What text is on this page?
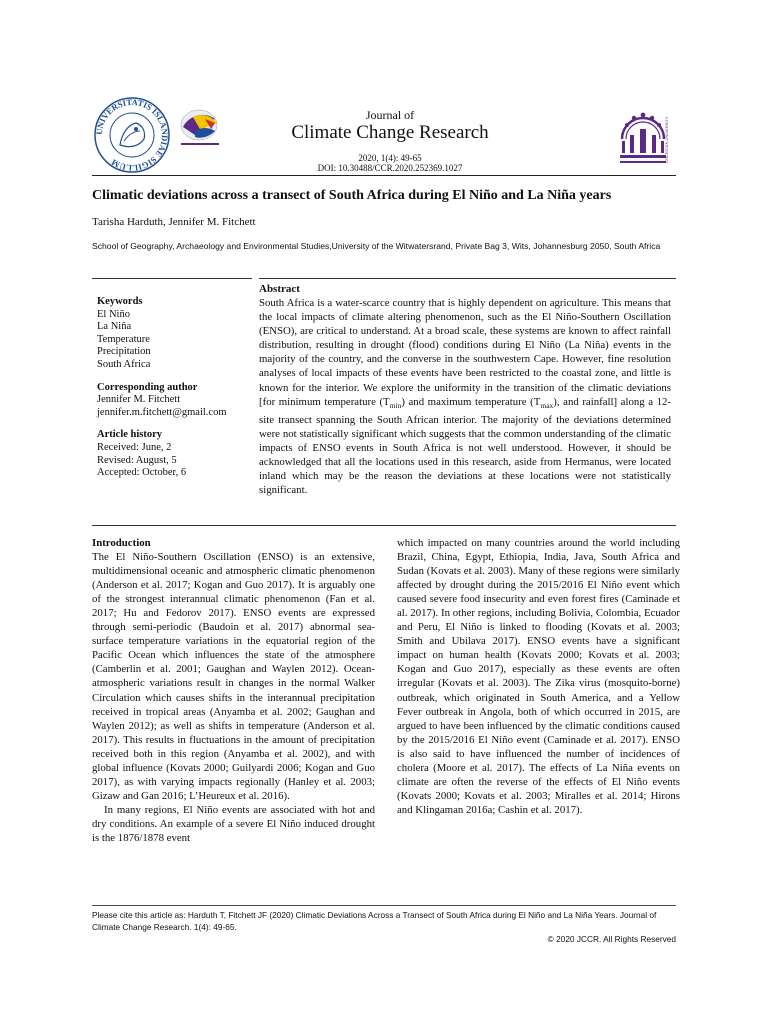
UNIVERSITATIS ISLANDIAE SIGILLUM
GOLESTAN UNIVERSITY
Journal of
Climate Change Research
2020, 1(4): 49-65
DOI: 10.30488/CCR.2020.252369.1027
Climatic deviations across a transect of South Africa during El Niño and La Niña years
Tarisha Harduth, Jennifer M. Fitchett
School of Geography, Archaeology and Environmental Studies,University of the Witwatersrand, Private Bag 3, Wits, Johannesburg 2050, South Africa
Keywords
El Niño
La Niña
Temperature
Precipitation
South Africa
Corresponding author
Jennifer M. Fitchett
jennifer.m.fitchett@gmail.com
Article history
Received: June, 2
Revised: August, 5
Accepted: October, 6
Abstract
South Africa is a water-scarce country that is highly dependent on agriculture. This means that the local impacts of climate altering phenomenon, such as the El Niño-Southern Oscillation (ENSO), are critical to understand. At a broad scale, these systems are known to affect rainfall distribution, resulting in drought (flood) conditions during El Niño (La Niña) events in the majority of the country, and the converse in the southwestern Cape. However, fine resolution analyses of local impacts of these events have been restricted to the coastal zone, and little is known for the interior. We explore the uniformity in the transition of the climatic deviations [for minimum temperature $(T_{min})$ and maximum temperature $(T_{max})$, and rainfall] along a 12-site transect spanning the South African interior. The majority of the deviations determined were not statistically significant which suggests that the common understanding of the climatic impacts of ENSO events in South Africa is not well understood. However, it should be acknowledged that all the locations used in this research, aside from Hermanus, were located inland which may be the reason the deviations at these locations were not statistically significant.

Introduction

The El Niño-Southern Oscillation (ENSO) is an extensive, multidimensional oceanic and atmospheric climatic phenomenon (Anderson et al. 2017; Kogan and Guo 2017). It is arguably one of the strongest interannual climatic phenomenon (Fan et al. 2017; Hu and Fedorov 2017). ENSO events are expressed through semi-periodic (Baudoin et al. 2017) abnormal sea-surface temperature variations in the equatorial region of the Pacific Ocean which influences the state of the atmosphere (Camberlin et al. 2001; Gaughan and Waylen 2012). Ocean-atmospheric variations result in changes in the normal Walker Circulation which causes shifts in the interannual precipitation received in tropical areas (Anyamba et al. 2002; Gaughan and Waylen 2012); as well as shifts in temperature (Anderson et al. 2017). This results in fluctuations in the amount of precipitation received both in this region (Anyamba et al. 2002), and with global influence (Kovats 2000; Guilyardi 2006; Kogan and Guo 2017), as with varying impacts regionally (Hanley et al. 2003; Gizaw and Gan 2016; L’Heureux et al. 2016).

In many regions, El Niño events are associated with hot and dry conditions. An example of a severe El Niño induced drought is the 1876/1878 event

which impacted on many countries around the world including Brazil, China, Egypt, Ethiopia, India, Java, South Africa and Sudan (Kovats et al. 2003). Many of these regions were similarly affected by drought during the 2015/2016 El Niño event which caused severe food insecurity and even forest fires (Caminade et al. 2017). In other regions, including Bolivia, Colombia, Ecuador and Peru, El Niño is linked to flooding (Kovats et al. 2003; Smith and Ubilava 2017). ENSO events have a significant impact on human health (Kovats 2000; Kovats et al. 2003; Kogan and Guo 2017), especially as these events are often irregular (Kovats et al. 2003). The Zika virus (mosquito-borne) outbreak, which originated in South America, and a Yellow Fever outbreak in Angola, both of which occurred in 2015, are argued to have been influenced by the climatic conditions caused by the 2015/2016 El Niño event (Caminade et al. 2017). ENSO is also said to have influenced the number of incidences of cholera (Moore et al. 2017). The effects of La Niña events on climate are often the reverse of the effects of El Niño events (Kovats 2000; Kovats et al. 2003; Miralles et al. 2014; Hirons and Klingaman 2016a; Cashin et al. 2017).

Please cite this article as: Harduth T, Fitchett JF (2020) Climatic Deviations Across a Transect of South Africa during El Niño and La Niña Years. Journal of Climate Change Research. 1(4): 49-65.
© 2020 JCCR. All Rights Reserved
